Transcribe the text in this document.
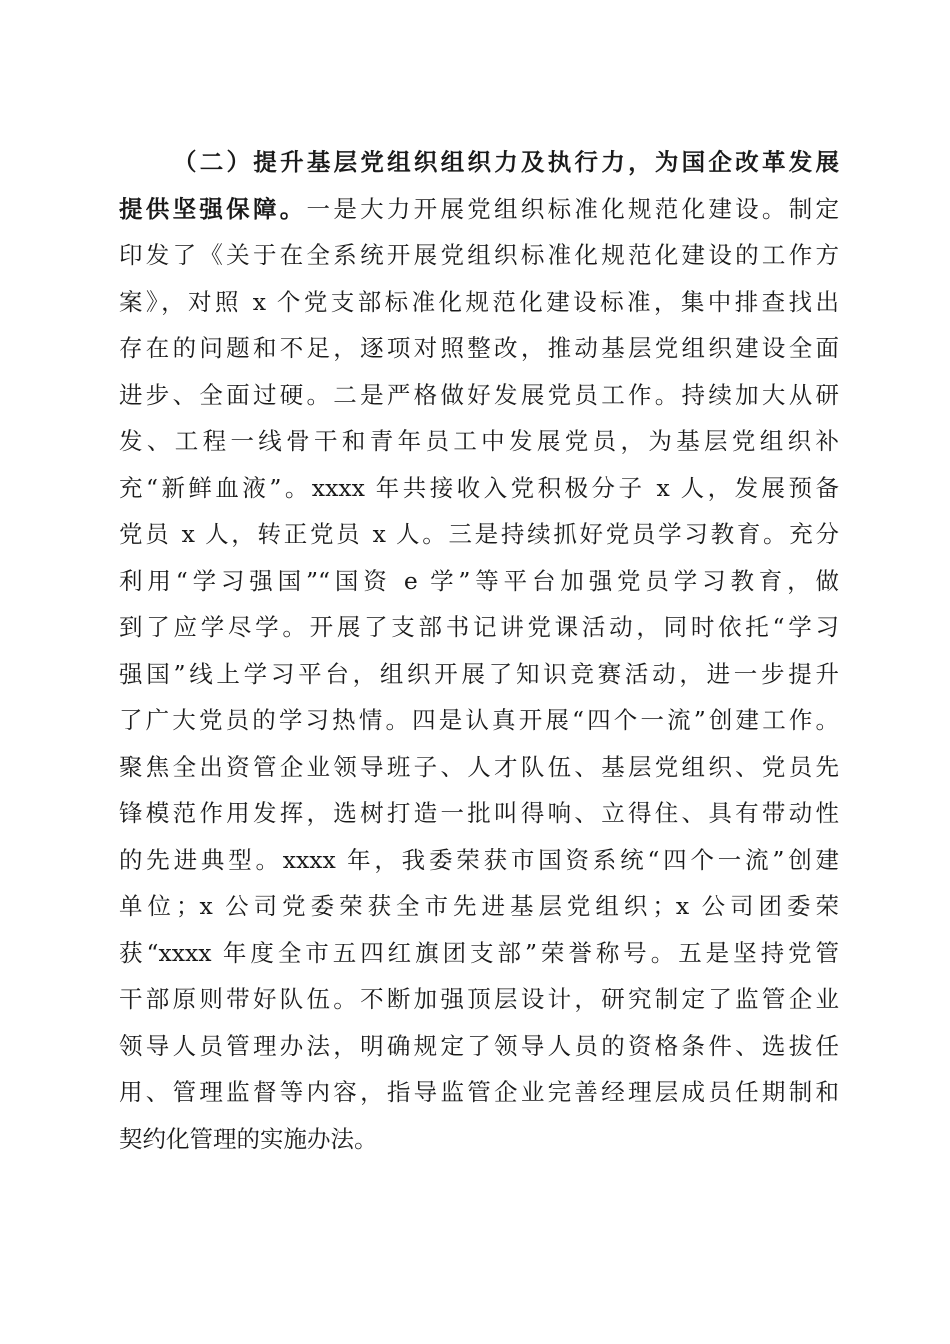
（二）提升基层党组织组织力及执行力，为国企改革发展
提供坚强保障。一是大力开展党组织标准化规范化建设。制定
印发了《关于在全系统开展党组织标准化规范化建设的工作方
案》，对照 x 个党支部标准化规范化建设标准，集中排查找出
存在的问题和不足，逐项对照整改，推动基层党组织建设全面
进步、全面过硬。二是严格做好发展党员工作。持续加大从研
发、工程一线骨干和青年员工中发展党员，为基层党组织补
充“新鲜血液”。xxxx 年共接收入党积极分子 x 人，发展预备
党员 x 人，转正党员 x 人。三是持续抓好党员学习教育。充分
利用“学习强国”“国资 e 学”等平台加强党员学习教育，做
到了应学尽学。开展了支部书记讲党课活动，同时依托“学习
强国”线上学习平台，组织开展了知识竞赛活动，进一步提升
了广大党员的学习热情。四是认真开展“四个一流”创建工作。
聚焦全出资管企业领导班子、人才队伍、基层党组织、党员先
锋模范作用发挥，选树打造一批叫得响、立得住、具有带动性
的先进典型。xxxx 年，我委荣获市国资系统“四个一流”创建
单位；x 公司党委荣获全市先进基层党组织；x 公司团委荣
获“xxxx 年度全市五四红旗团支部”荣誉称号。五是坚持党管
干部原则带好队伍。不断加强顶层设计，研究制定了监管企业
领导人员管理办法，明确规定了领导人员的资格条件、选拔任
用、管理监督等内容，指导监管企业完善经理层成员任期制和
契约化管理的实施办法。
